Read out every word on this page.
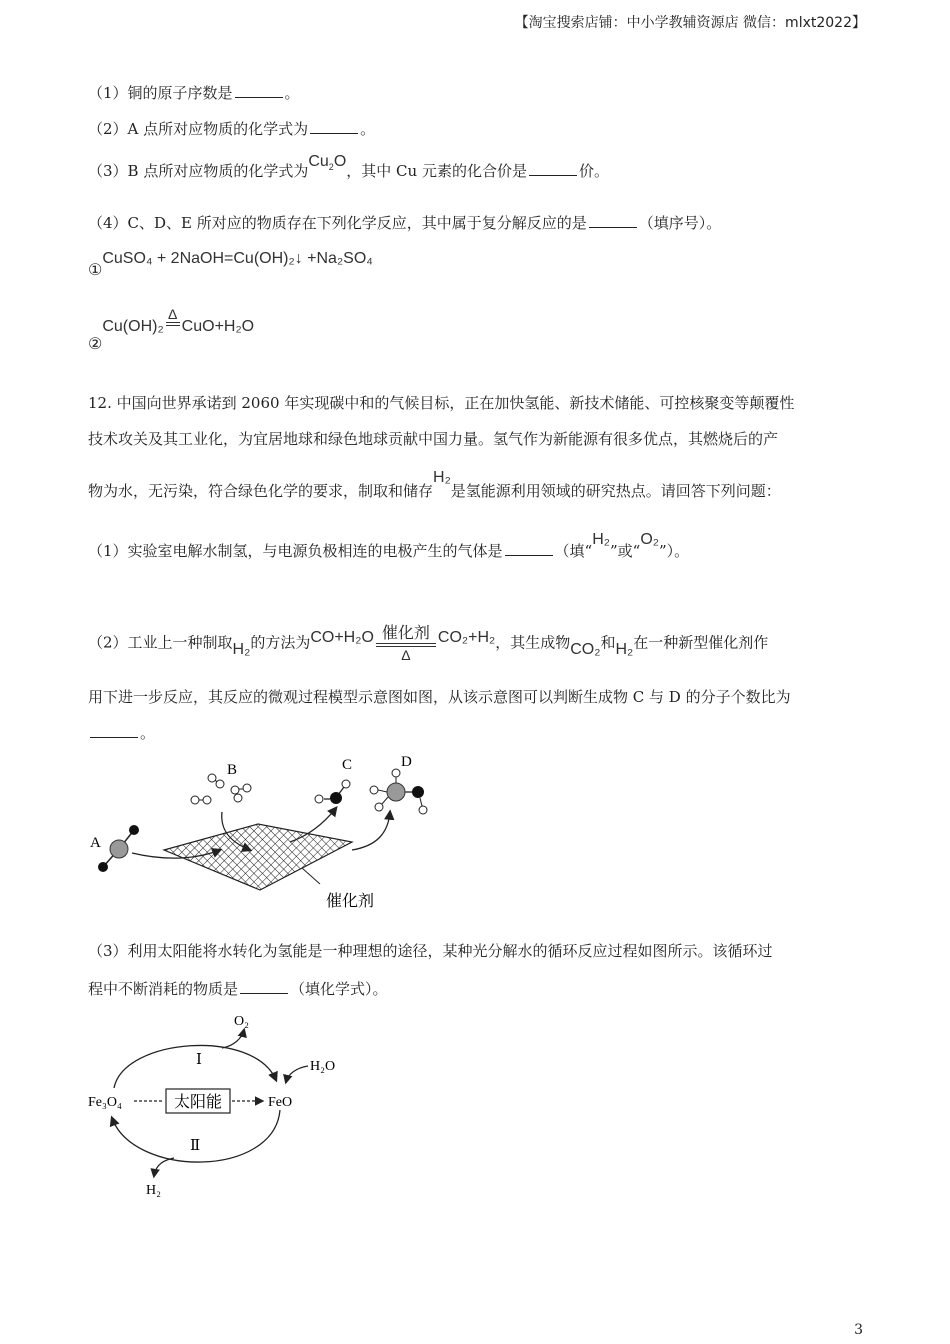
【淘宝搜索店铺：中小学教辅资源店 微信：mlxt2022】
（1）铜的原子序数是	。
（2）A 点所对应物质的化学式为	。
（3）B 点所对应物质的化学式为$Cu_2O$，其中 Cu 元素的化合价是	价。
（4）C、D、E 所对应的物质存在下列化学反应，其中属于复分解反应的是	（填序号）。
①CuSO₄ + 2NaOH=Cu(OH)₂↓ +Na₂SO₄
②Cu(OH)₂
Δ
CuO+H₂O
12. 中国向世界承诺到 2060 年实现碳中和的气候目标，正在加快氢能、新技术储能、可控核聚变等颠覆性
技术攻关及其工业化，为宜居地球和绿色地球贡献中国力量。氢气作为新能源有很多优点，其燃烧后的产
物为水，无污染，符合绿色化学的要求，制取和储存H₂是氢能源利用领域的研究热点。请回答下列问题：
（1）实验室电解水制氢，与电源负极相连的电极产生的气体是	（填“H₂”或“O₂”）。
（2）工业上一种制取H₂的方法为CO+H₂O 催化剂
Δ
CO₂+H₂，其生成物CO₂和H₂在一种新型催化剂作
用下进一步反应，其反应的微观过程模型示意图如图，从该示意图可以判断生成物 C 与 D 的分子个数比为
。
A
B	C	D
催化剂
（3）利用太阳能将水转化为氢能是一种理想的途径，某种光分解水的循环反应过程如图所示。该循环过
程中不断消耗的物质是	（填化学式）。
O₂
Ⅰ	H₂O
Fe₃O₄	太阳能	FeO
Ⅱ
H₂
3
